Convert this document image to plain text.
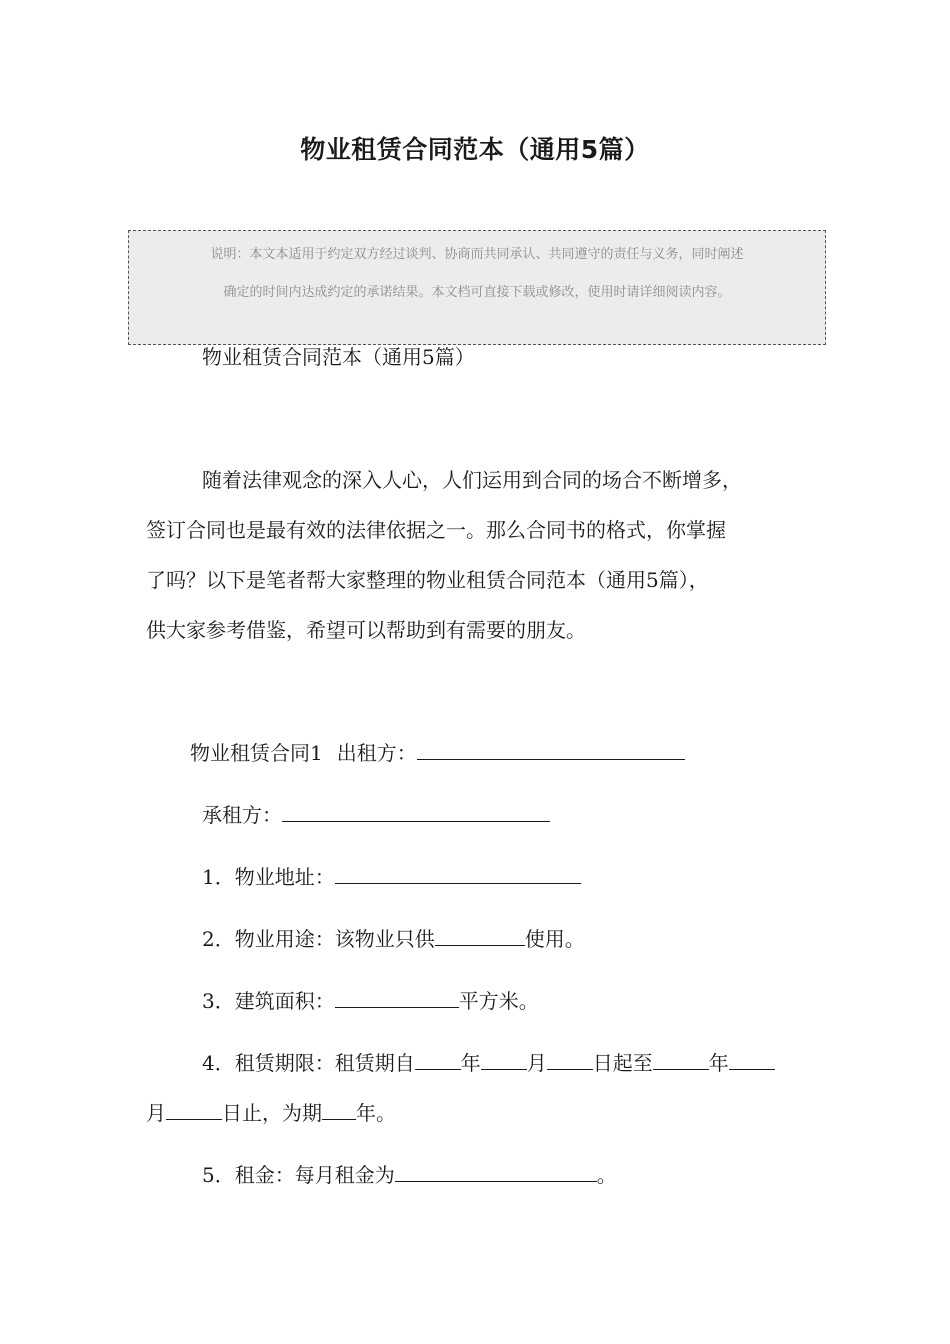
物业租赁合同范本（通用5篇）
说明：本文本适用于约定双方经过谈判、协商而共同承认、共同遵守的责任与义务，同时阐述
确定的时间内达成约定的承诺结果。本文档可直接下载或修改，使用时请详细阅读内容。
物业租赁合同范本（通用5篇）
随着法律观念的深入人心，人们运用到合同的场合不断增多，
签订合同也是最有效的法律依据之一。那么合同书的格式，你掌握
了吗？以下是笔者帮大家整理的物业租赁合同范本（通用5篇），
供大家参考借鉴，希望可以帮助到有需要的朋友。
物业租赁合同1 出租方：
承租方：
1．物业地址：
2．物业用途：该物业只供	使用。
3．建筑面积：	平方米。
4．租赁期限：租赁期自 年 月 日起至	年
月	日止，为期 年。
5．租金：每月租金为	。
